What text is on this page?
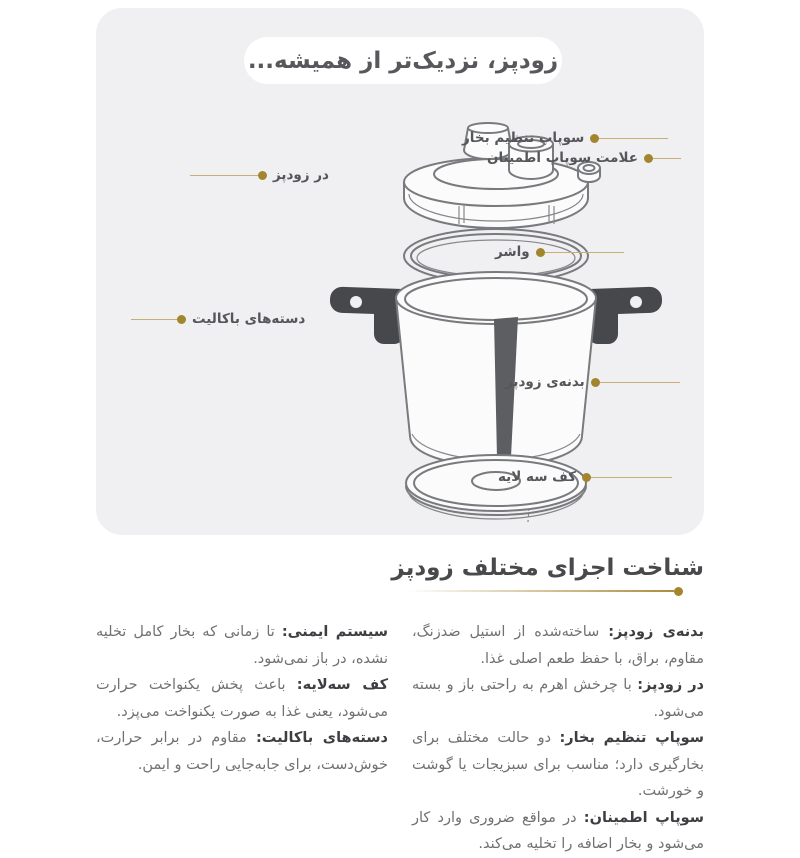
زودپز، نزدیک‌تر از همیشه...
سوپاپ تنظیم بخار
علامت سوپاپ اطمینان
واشر
بدنه‌ی زودپز
کف سه لایه
در زودپز
دسته‌های باکالیت
شناخت اجزای مختلف زودپز

بدنه‌ی زودپز: ساخته‌شده از استیل ضدزنگ، مقاوم، براق، با حفظ طعم اصلی غذا.

در زودپز: با چرخش اهرم به راحتی باز و بسته می‌شود.

سوپاپ تنظیم بخار: دو حالت مختلف برای بخارگیری دارد؛ مناسب برای سبزیجات یا گوشت و خورشت.

سوپاپ اطمینان: در مواقع ضروری وارد کار می‌شود و بخار اضافه را تخلیه می‌کند.

سیستم ایمنی: تا زمانی که بخار کامل تخلیه نشده، در باز نمی‌شود.

کف سه‌لایه: باعث پخش یکنواخت حرارت می‌شود، یعنی غذا به صورت یکنواخت می‌پزد.

دسته‌های باکالیت: مقاوم در برابر حرارت، خوش‌دست، برای جابه‌جایی راحت و ایمن.
